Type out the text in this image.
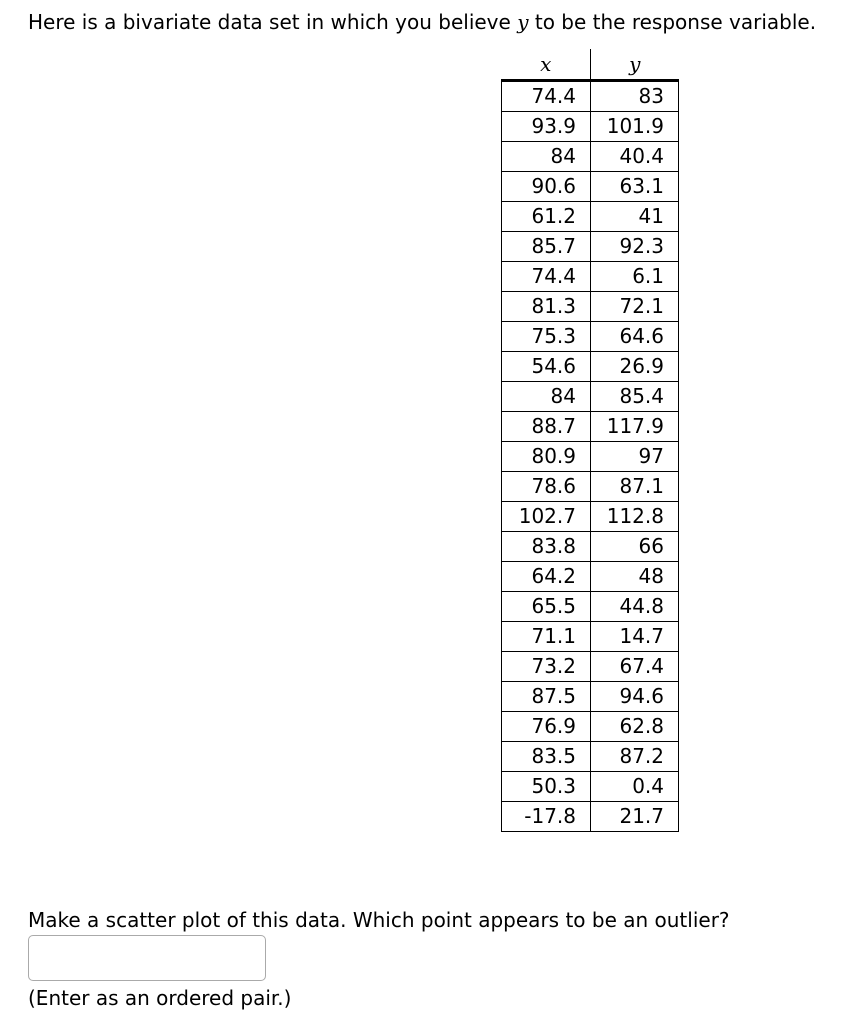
Here is a bivariate data set in which you believe y to be the response variable.

x	y
74.4	83
93.9	101.9
84	40.4
90.6	63.1
61.2	41
85.7	92.3
74.4	6.1
81.3	72.1
75.3	64.6
54.6	26.9
84	85.4
88.7	117.9
80.9	97
78.6	87.1
102.7	112.8
83.8	66
64.2	48
65.5	44.8
71.1	14.7
73.2	67.4
87.5	94.6
76.9	62.8
83.5	87.2
50.3	0.4
-17.8	21.7

Make a scatter plot of this data. Which point appears to be an outlier?

(Enter as an ordered pair.)
